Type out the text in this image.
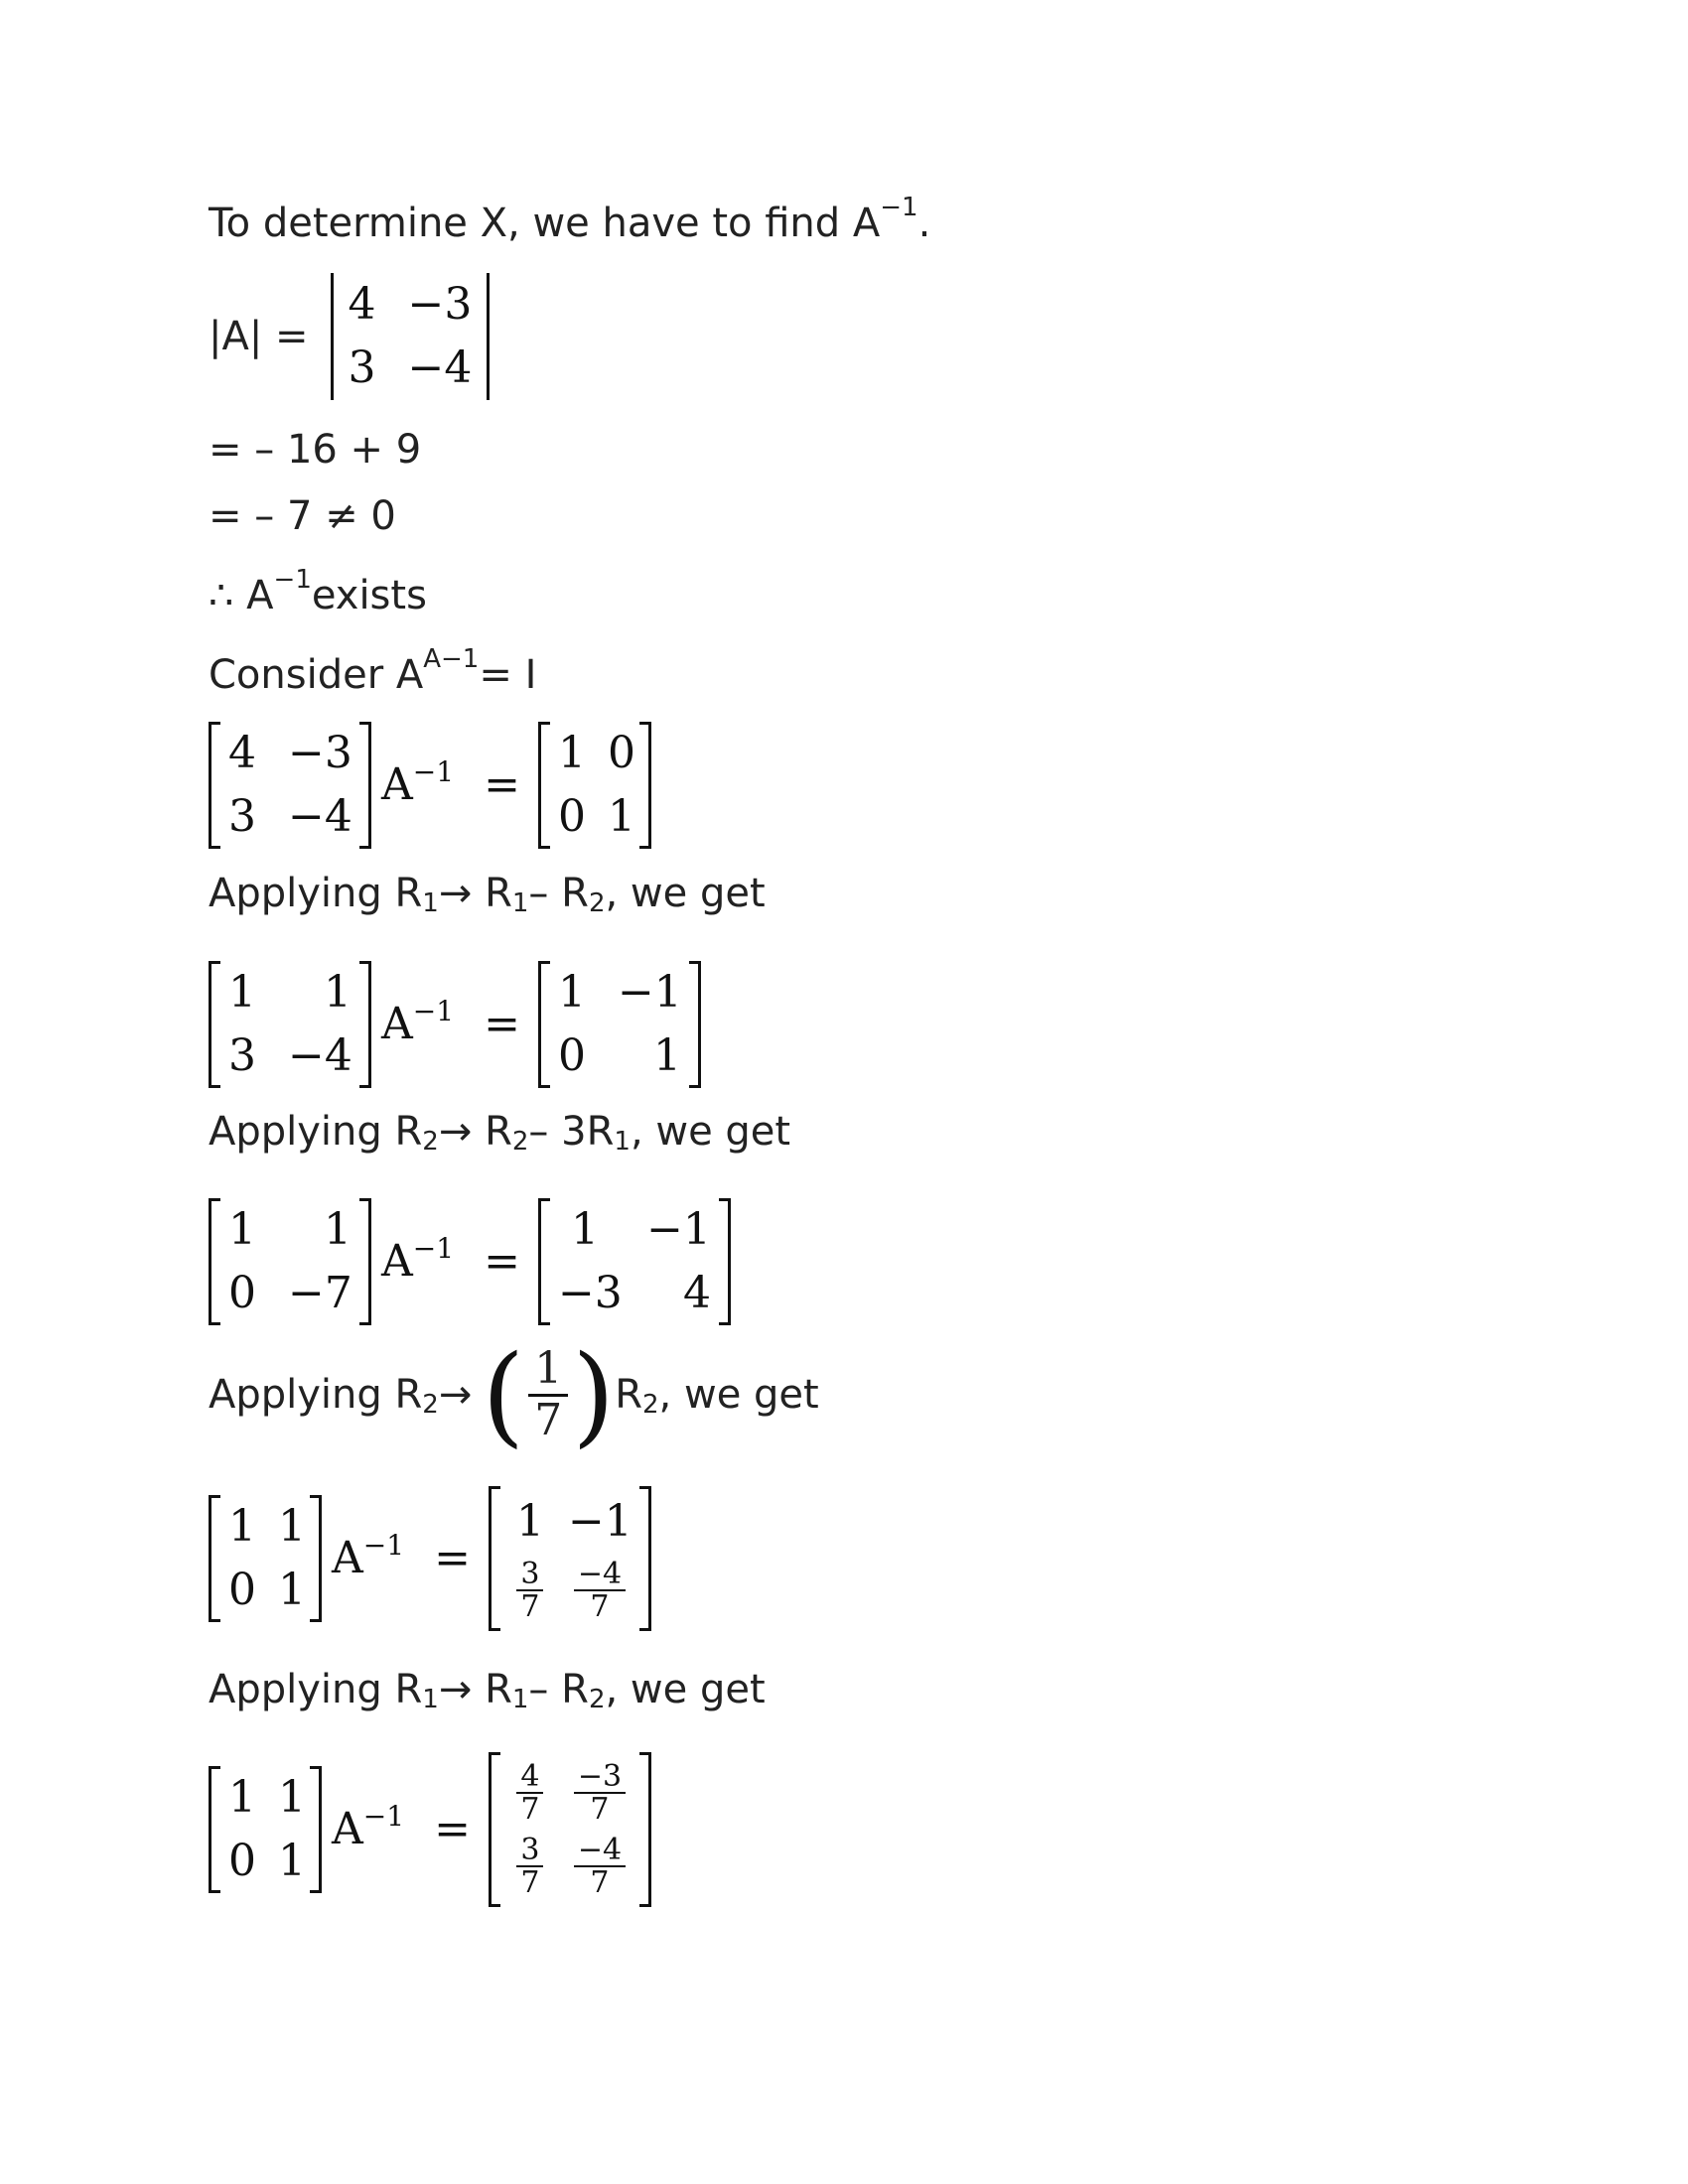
To determine X, we have to find $A^{-1}$ .
|A| =
4 −3
3 −4
= – 16 + 9
= – 7 ≠ 0
∴ $A^{-1}$ exists
Consider $A^{A-1} = I$
4 −3
3 −4
$A^{-1}$ =
1 0
0 1
Applying $R_1 \to R_1 - R_2$ , we get
1	1
3 −4
$A^{-1}$ =
1 −1
0	1
Applying $R_2 \to R_2 - 3R_1$ , we get
1	1
0 −7
$A^{-1}$ =
1	−1
−3	4
Applying $R_2$ → ( $\frac{1}{7}$ ) $R_2$ , we get
1 1
0 1
$A^{-1}$ =
1 −1
$\frac{3}{7} \frac{-4}{7}$
Applying $R_1 \to R_1 - R_2$ , we get
1 1
0 1
$A^{-1}$ =
$\frac{4}{7} \frac{-3}{7}$
$\frac{3}{7} \frac{-4}{7}$
